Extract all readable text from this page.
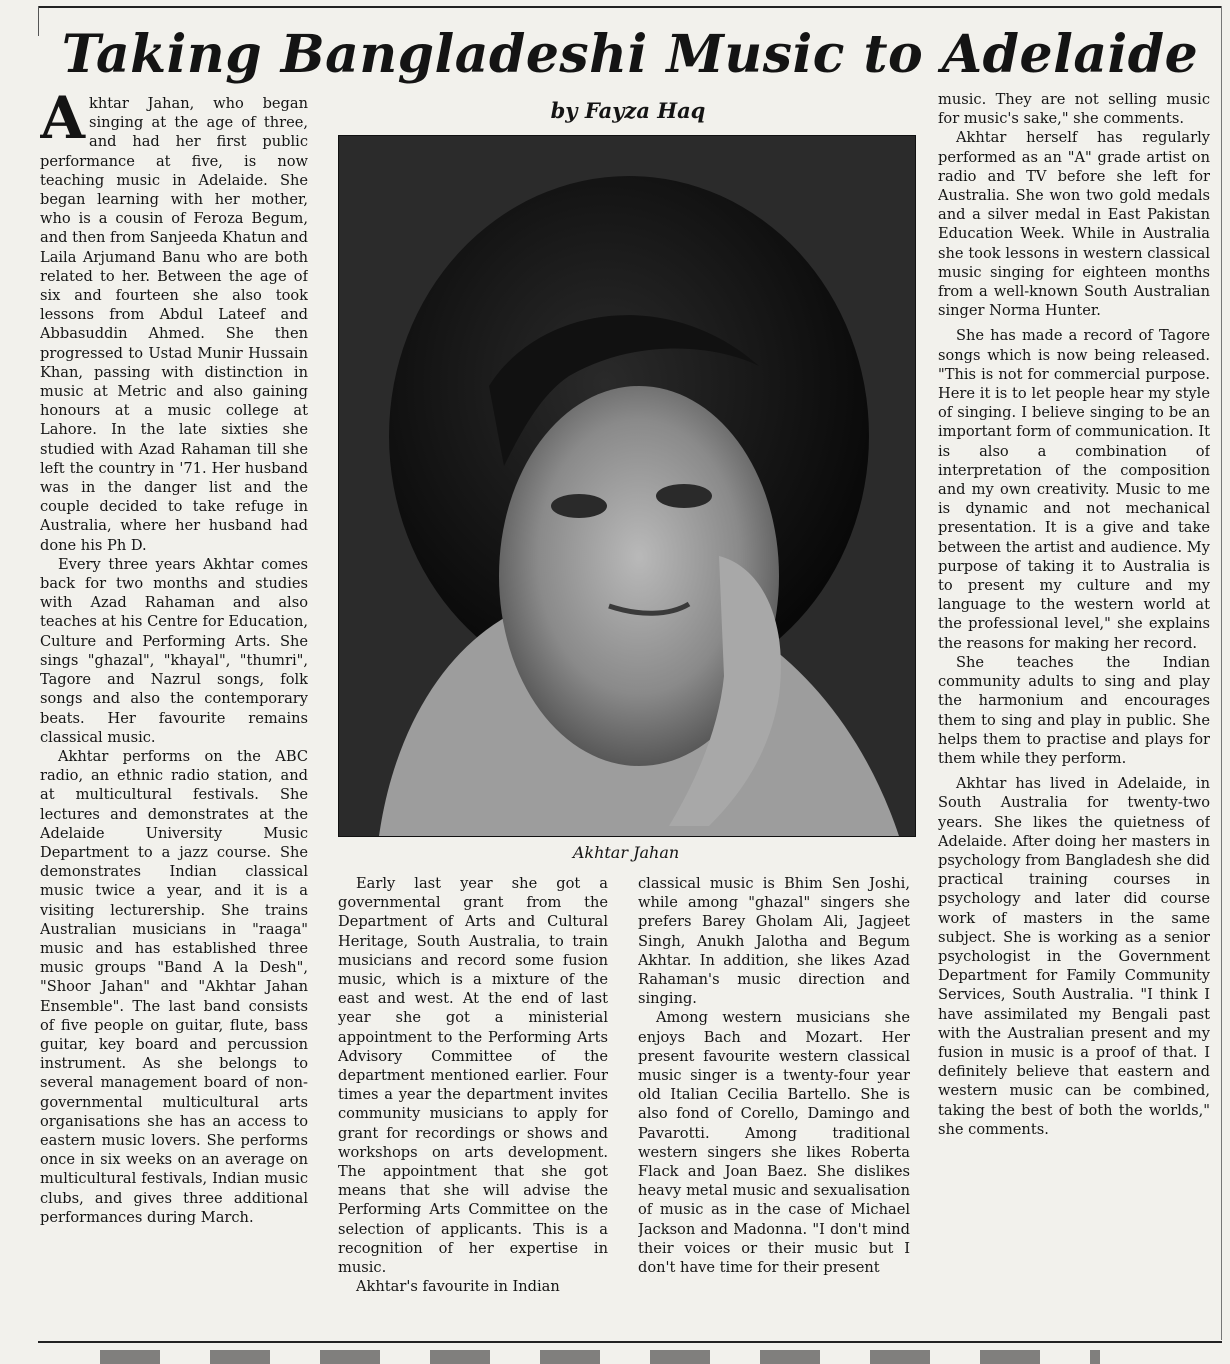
Taking Bangladeshi Music to Adelaide

Akhtar Jahan, who began singing at the age of three, and had her first public performance at five, is now teaching music in Adelaide. She began learning with her mother, who is a cousin of Feroza Begum, and then from Sanjeeda Khatun and Laila Arjumand Banu who are both related to her. Between the age of six and fourteen she also took lessons from Abdul Lateef and Abbasuddin Ahmed. She then progressed to Ustad Munir Hussain Khan, passing with distinction in music at Metric and also gaining honours at a music college at Lahore. In the late sixties she studied with Azad Rahaman till she left the country in '71. Her husband was in the danger list and the couple decided to take refuge in Australia, where her husband had done his Ph D.

Every three years Akhtar comes back for two months and studies with Azad Rahaman and also teaches at his Centre for Education, Culture and Performing Arts. She sings "ghazal", "khayal", "thumri", Tagore and Nazrul songs, folk songs and also the contemporary beats. Her favourite remains classical music.

Akhtar performs on the ABC radio, an ethnic radio station, and at multicultural festivals. She lectures and demonstrates at the Adelaide University Music Department to a jazz course. She demonstrates Indian classical music twice a year, and it is a visiting lecturership. She trains Australian musicians in "raaga" music and has established three music groups "Band A la Desh", "Shoor Jahan" and "Akhtar Jahan Ensemble". The last band consists of five people on guitar, flute, bass guitar, key board and percussion instrument. As she belongs to several management board of non-governmental multicultural arts organisations she has an access to eastern music lovers. She performs once in six weeks on an average on multicultural festivals, Indian music clubs, and gives three additional performances during March.

by Fayza Haq
Akhtar Jahan

Early last year she got a governmental grant from the Department of Arts and Cultural Heritage, South Australia, to train musicians and record some fusion music, which is a mixture of the east and west. At the end of last year she got a ministerial appointment to the Performing Arts Advisory Committee of the department mentioned earlier. Four times a year the department invites community musicians to apply for grant for recordings or shows and workshops on arts development. The appointment that she got means that she will advise the Performing Arts Committee on the selection of applicants. This is a recognition of her expertise in music.

Akhtar's favourite in Indian

classical music is Bhim Sen Joshi, while among "ghazal" singers she prefers Barey Gholam Ali, Jagjeet Singh, Anukh Jalotha and Begum Akhtar. In addition, she likes Azad Rahaman's music direction and singing.

Among western musicians she enjoys Bach and Mozart. Her present favourite western classical music singer is a twenty-four year old Italian Cecilia Bartello. She is also fond of Corello, Damingo and Pavarotti. Among traditional western singers she likes Roberta Flack and Joan Baez. She dislikes heavy metal music and sexualisation of music as in the case of Michael Jackson and Madonna. "I don't mind their voices or their music but I don't have time for their present

music. They are not selling music for music's sake," she comments.

Akhtar herself has regularly performed as an "A" grade artist on radio and TV before she left for Australia. She won two gold medals and a silver medal in East Pakistan Education Week. While in Australia she took lessons in western classical music singing for eighteen months from a well-known South Australian singer Norma Hunter.

She has made a record of Tagore songs which is now being released. "This is not for commercial purpose. Here it is to let people hear my style of singing. I believe singing to be an important form of communication. It is also a combination of interpretation of the composition and my own creativity. Music to me is dynamic and not mechanical presentation. It is a give and take between the artist and audience. My purpose of taking it to Australia is to present my culture and my language to the western world at the professional level," she explains the reasons for making her record.

She teaches the Indian community adults to sing and play the harmonium and encourages them to sing and play in public. She helps them to practise and plays for them while they perform.

Akhtar has lived in Adelaide, in South Australia for twenty-two years. She likes the quietness of Adelaide. After doing her masters in psychology from Bangladesh she did practical training courses in psychology and later did course work of masters in the same subject. She is working as a senior psychologist in the Government Department for Family Community Services, South Australia. "I think I have assimilated my Bengali past with the Australian present and my fusion in music is a proof of that. I definitely believe that eastern and western music can be combined, taking the best of both the worlds," she comments.
